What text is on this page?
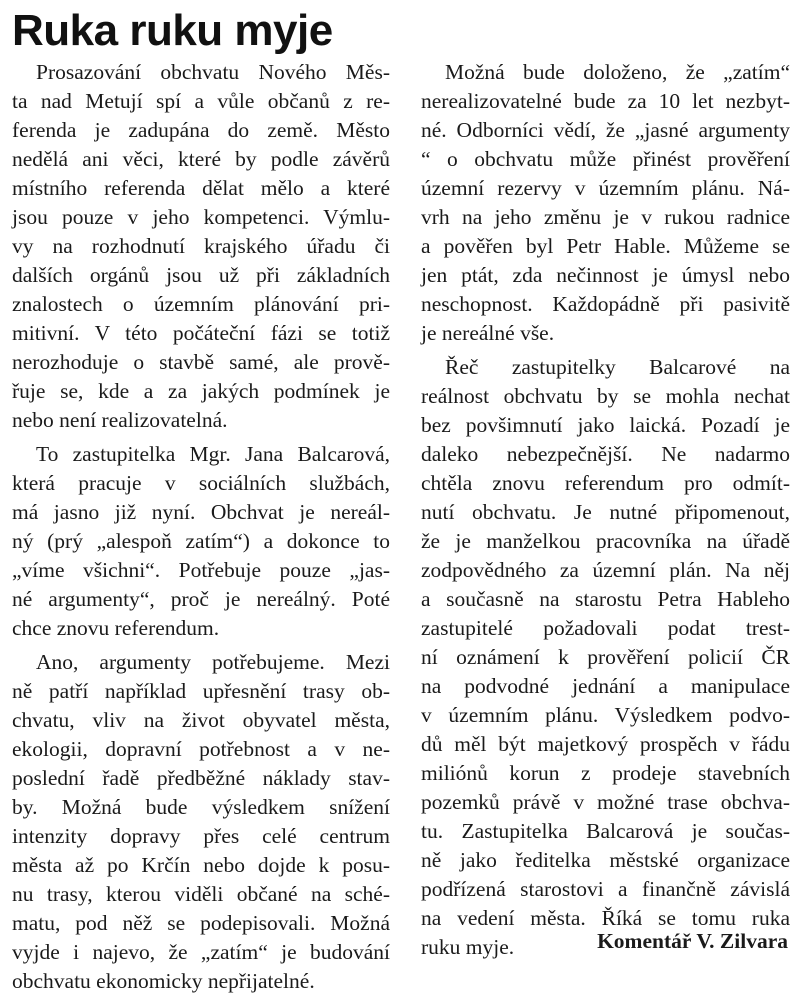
Ruka ruku myje
Prosazování obchvatu Nového Měs-
ta nad Metují spí a vůle občanů z re-
ferenda je zadupána do země. Město
nedělá ani věci, které by podle závěrů
místního referenda dělat mělo a které
jsou pouze v jeho kompetenci. Výmlu-
vy na rozhodnutí krajského úřadu či
dalších orgánů jsou už při základních
znalostech o územním plánování pri-
mitivní. V této počáteční fázi se totiž
nerozhoduje o stavbě samé, ale prově-
řuje se, kde a za jakých podmínek je
nebo není realizovatelná.
To zastupitelka Mgr. Jana Balcarová,
která pracuje v sociálních službách,
má jasno již nyní. Obchvat je nereál-
ný (prý „alespoň zatím“) a dokonce to
„víme všichni“. Potřebuje pouze „jas-
né argumenty“, proč je nereálný. Poté
chce znovu referendum.
Ano, argumenty potřebujeme. Mezi
ně patří například upřesnění trasy ob-
chvatu, vliv na život obyvatel města,
ekologii, dopravní potřebnost a v ne-
poslední řadě předběžné náklady stav-
by. Možná bude výsledkem snížení
intenzity dopravy přes celé centrum
města až po Krčín nebo dojde k posu-
nu trasy, kterou viděli občané na sché-
matu, pod něž se podepisovali. Možná
vyjde i najevo, že „zatím“ je budování
obchvatu ekonomicky nepřijatelné.
Možná bude doloženo, že „zatím“
nerealizovatelné bude za 10 let nezbyt-
né. Odborníci vědí, že „jasné argumenty
“ o obchvatu může přinést prověření
územní rezervy v územním plánu. Ná-
vrh na jeho změnu je v rukou radnice
a pověřen byl Petr Hable. Můžeme se
jen ptát, zda nečinnost je úmysl nebo
neschopnost. Každopádně při pasivitě
je nereálné vše.
Řeč zastupitelky Balcarové na
reálnost obchvatu by se mohla nechat
bez povšimnutí jako laická. Pozadí je
daleko nebezpečnější. Ne nadarmo
chtěla znovu referendum pro odmít-
nutí obchvatu. Je nutné připomenout,
že je manželkou pracovníka na úřadě
zodpovědného za územní plán. Na něj
a současně na starostu Petra Hableho
zastupitelé požadovali podat trest-
ní oznámení k prověření policií ČR
na podvodné jednání a manipulace
v územním plánu. Výsledkem podvo-
dů měl být majetkový prospěch v řádu
miliónů korun z prodeje stavebních
pozemků právě v možné trase obchva-
tu. Zastupitelka Balcarová je součas-
ně jako ředitelka městské organizace
podřízená starostovi a finančně závislá
na vedení města. Říká se tomu ruka
ruku myje.	Komentář V. Zilvara
